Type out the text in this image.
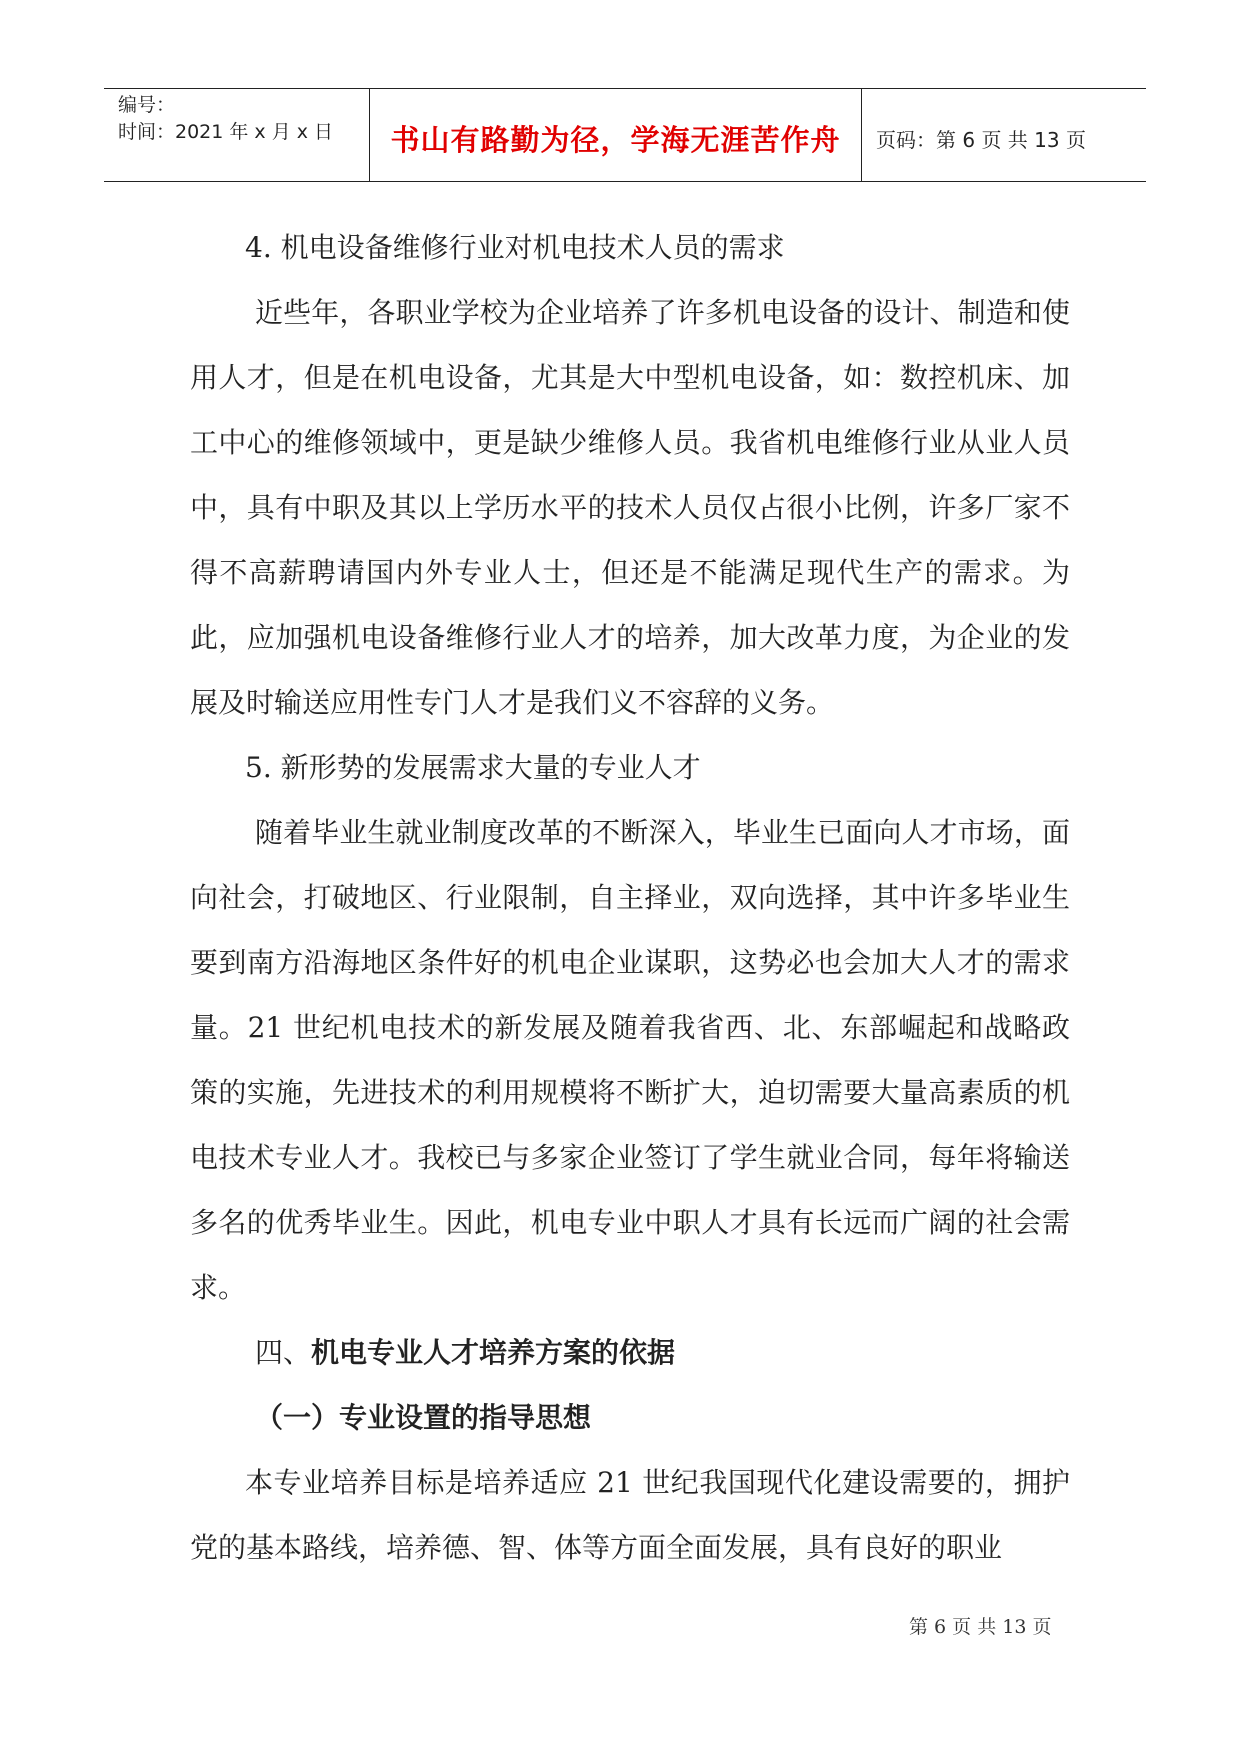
编号：
时间：2021 年 x 月 x 日	书山有路勤为径，学海无涯苦作舟	页码：第 6 页 共 13 页

4. 机电设备维修行业对机电技术人员的需求

近些年，各职业学校为企业培养了许多机电设备的设计、制造和使用人才，但是在机电设备，尤其是大中型机电设备，如：数控机床、加工中心的维修领域中，更是缺少维修人员。我省机电维修行业从业人员中，具有中职及其以上学历水平的技术人员仅占很小比例，许多厂家不得不高薪聘请国内外专业人士，但还是不能满足现代生产的需求。为此，应加强机电设备维修行业人才的培养，加大改革力度，为企业的发展及时输送应用性专门人才是我们义不容辞的义务。

5. 新形势的发展需求大量的专业人才

随着毕业生就业制度改革的不断深入，毕业生已面向人才市场，面向社会，打破地区、行业限制，自主择业，双向选择，其中许多毕业生要到南方沿海地区条件好的机电企业谋职，这势必也会加大人才的需求量。21 世纪机电技术的新发展及随着我省西、北、东部崛起和战略政策的实施，先进技术的利用规模将不断扩大，迫切需要大量高素质的机电技术专业人才。我校已与多家企业签订了学生就业合同，每年将输送多名的优秀毕业生。因此，机电专业中职人才具有长远而广阔的社会需求。

四、机电专业人才培养方案的依据

（一）专业设置的指导思想

本专业培养目标是培养适应 21 世纪我国现代化建设需要的，拥护党的基本路线，培养德、智、体等方面全面发展，具有良好的职业

第 6 页 共 13 页
